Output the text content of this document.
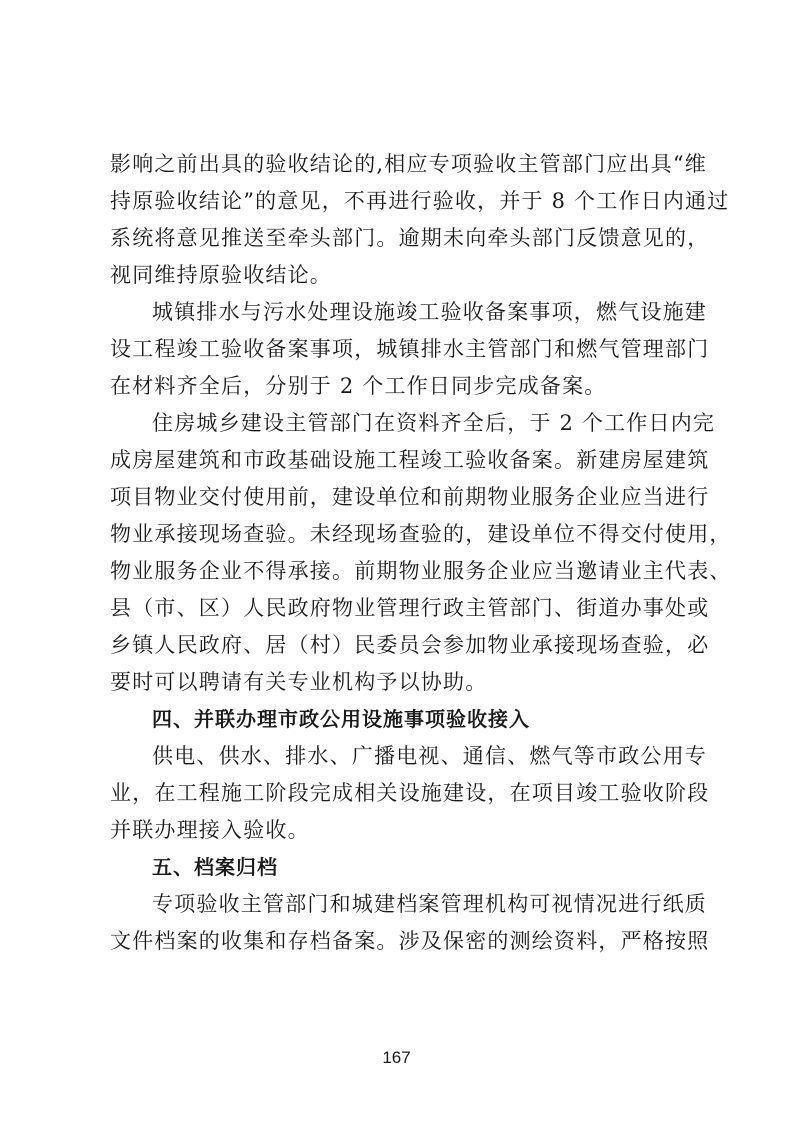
影响之前出具的验收结论的,相应专项验收主管部门应出具“维
持原验收结论”的意见，不再进行验收，并于 8 个工作日内通过
系统将意见推送至牵头部门。逾期未向牵头部门反馈意见的，
视同维持原验收结论。
城镇排水与污水处理设施竣工验收备案事项，燃气设施建
设工程竣工验收备案事项，城镇排水主管部门和燃气管理部门
在材料齐全后，分别于 2 个工作日同步完成备案。
住房城乡建设主管部门在资料齐全后，于 2 个工作日内完
成房屋建筑和市政基础设施工程竣工验收备案。新建房屋建筑
项目物业交付使用前，建设单位和前期物业服务企业应当进行
物业承接现场查验。未经现场查验的，建设单位不得交付使用，
物业服务企业不得承接。前期物业服务企业应当邀请业主代表、
县（市、区）人民政府物业管理行政主管部门、街道办事处或
乡镇人民政府、居（村）民委员会参加物业承接现场查验，必
要时可以聘请有关专业机构予以协助。
四、并联办理市政公用设施事项验收接入
供电、供水、排水、广播电视、通信、燃气等市政公用专
业，在工程施工阶段完成相关设施建设，在项目竣工验收阶段
并联办理接入验收。
五、档案归档
专项验收主管部门和城建档案管理机构可视情况进行纸质
文件档案的收集和存档备案。涉及保密的测绘资料，严格按照
167
